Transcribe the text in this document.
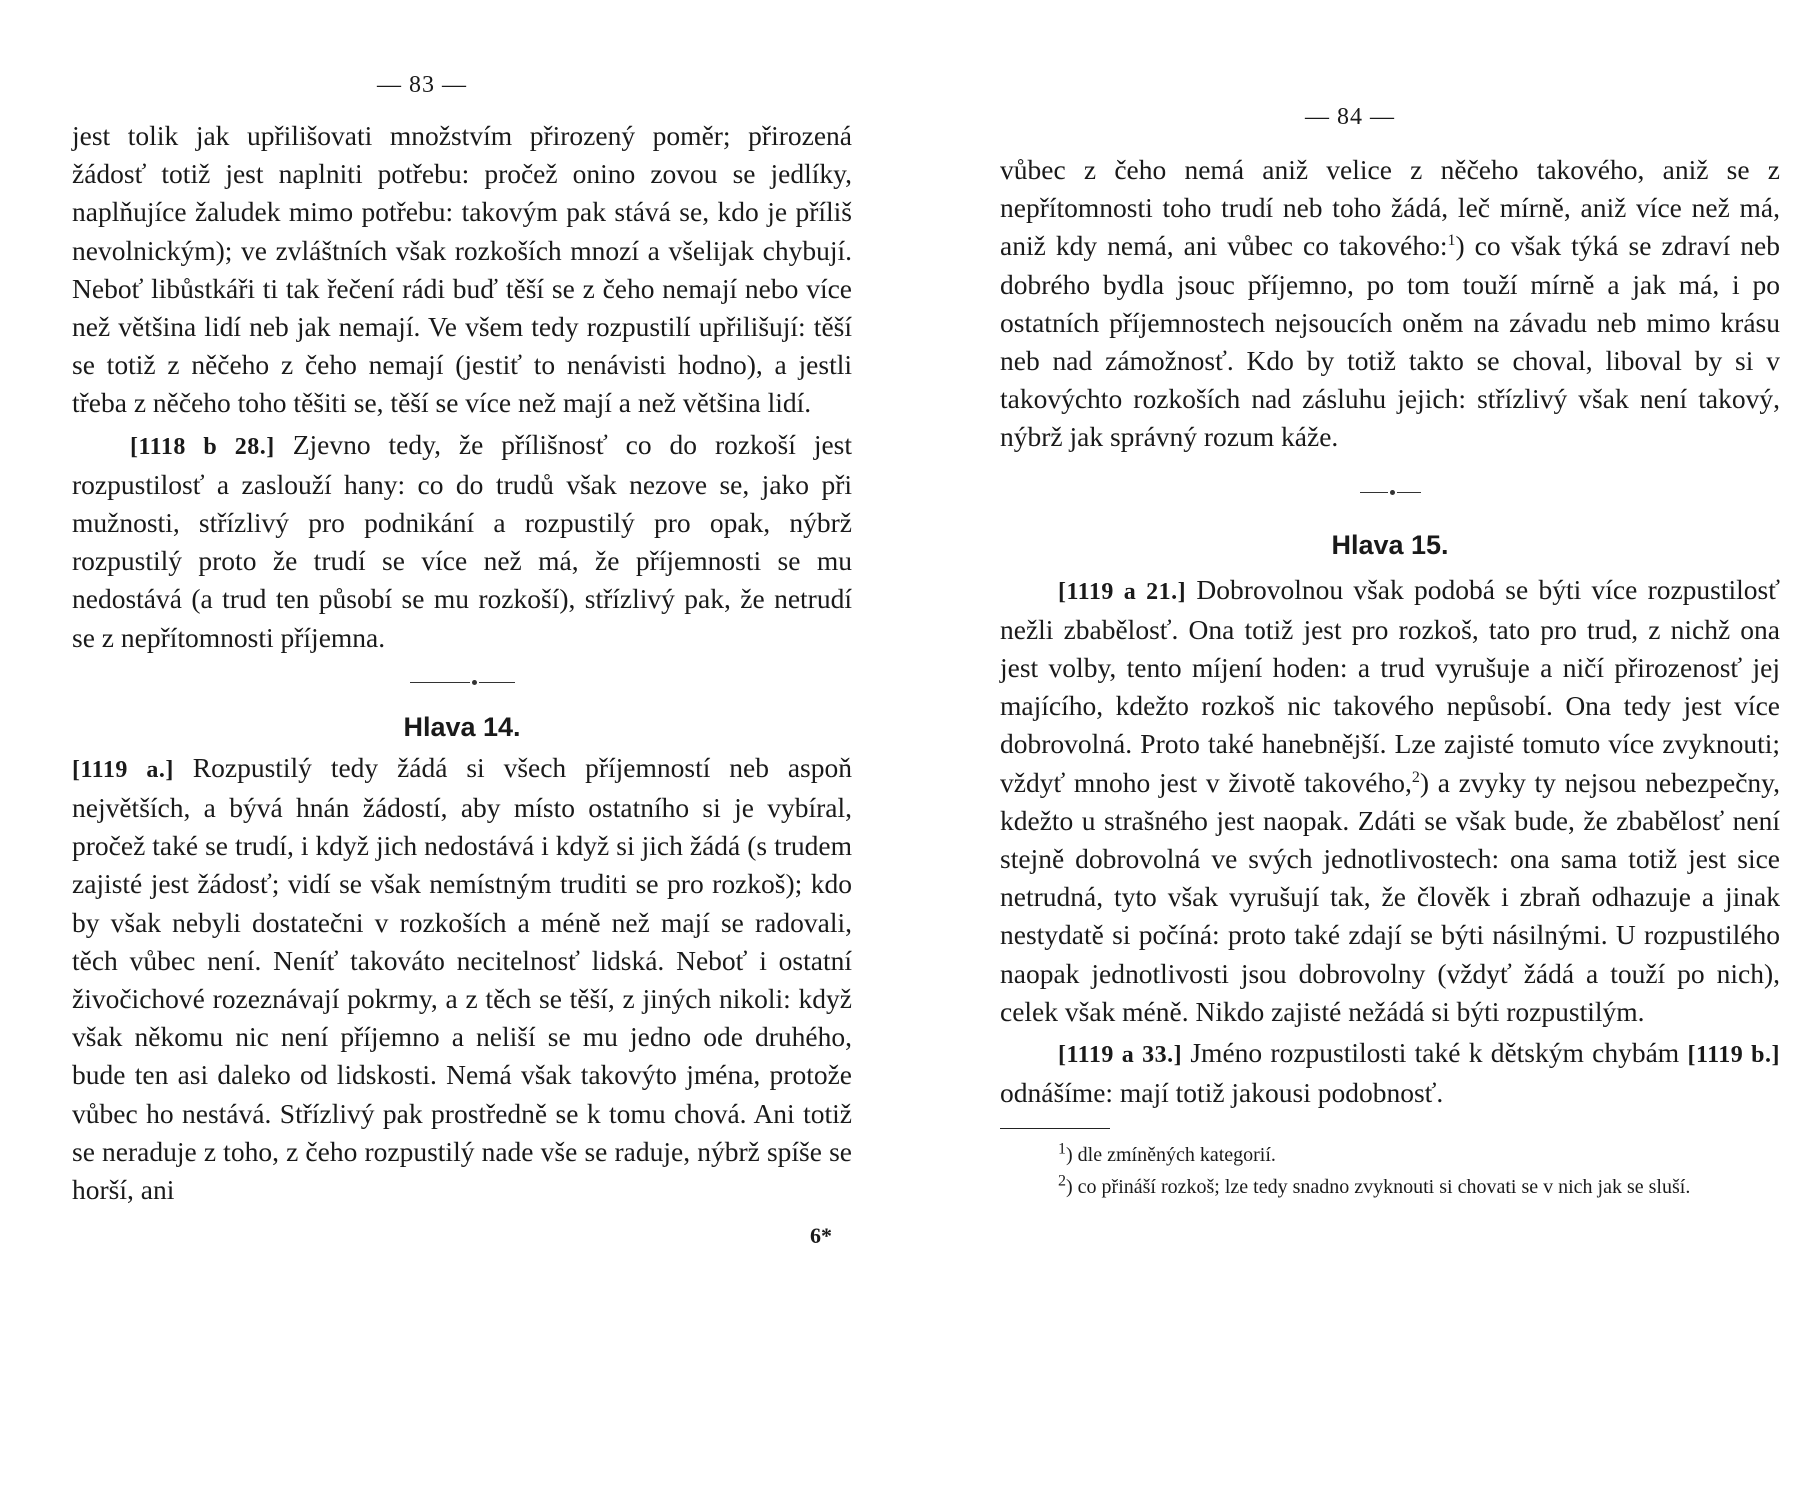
— 83 —

jest tolik jak upřilišovati množstvím přirozený poměr; přirozená žádosť totiž jest naplniti potřebu: pročež onino zovou se jedlíky, naplňujíce žaludek mimo potřebu: takovým pak stává se, kdo je příliš nevolnickým); ve zvláštních však rozkoších mnozí a všelijak chybují. Neboť libůstkáři ti tak řečení rádi buď těší se z čeho nemají nebo více než většina lidí neb jak nemají. Ve všem tedy rozpustilí upřilišují: těší se totiž z něčeho z čeho nemají (jestiť to nenávisti hodno), a jestli třeba z něčeho toho těšiti se, těší se více než mají a než většina lidí.

[1118 b 28.] Zjevno tedy, že přílišnosť co do rozkoší jest rozpustilosť a zaslouží hany: co do trudů však nezove se, jako při mužnosti, střízlivý pro podnikání a rozpustilý pro opak, nýbrž rozpustilý proto že trudí se více než má, že příjemnosti se mu nedostává (a trud ten působí se mu rozkoší), střízlivý pak, že netrudí se z nepřítomnosti příjemna.

Hlava 14.

[1119 a.] Rozpustilý tedy žádá si všech příjemností neb aspoň největších, a bývá hnán žádostí, aby místo ostatního si je vybíral, pročež také se trudí, i když jich nedostává i když si jich žádá (s trudem zajisté jest žádosť; vidí se však nemístným truditi se pro rozkoš); kdo by však nebyli dostatečni v rozkoších a méně než mají se radovali, těch vůbec není. Neníť takováto necitelnosť lidská. Neboť i ostatní živočichové rozeznávají pokrmy, a z těch se těší, z jiných nikoli: když však někomu nic není příjemno a neliší se mu jedno ode druhého, bude ten asi daleko od lidskosti. Nemá však takovýto jména, protože vůbec ho nestává. Střízlivý pak prostředně se k tomu chová. Ani totiž se neraduje z toho, z čeho rozpustilý nade vše se raduje, nýbrž spíše se horší, ani

6*
— 84 —

vůbec z čeho nemá aniž velice z něčeho takového, aniž se z nepřítomnosti toho trudí neb toho žádá, leč mírně, aniž více než má, aniž kdy nemá, ani vůbec co takového:$^1$) co však týká se zdraví neb dobrého bydla jsouc příjemno, po tom touží mírně a jak má, i po ostatních příjemnostech nejsoucích oněm na závadu neb mimo krásu neb nad zámožnosť. Kdo by totiž takto se choval, liboval by si v takovýchto rozkoších nad zásluhu jejich: střízlivý však není takový, nýbrž jak správný rozum káže.

Hlava 15.

[1119 a 21.] Dobrovolnou však podobá se býti více rozpustilosť nežli zbabělosť. Ona totiž jest pro rozkoš, tato pro trud, z nichž ona jest volby, tento míjení hoden: a trud vyrušuje a ničí přirozenosť jej majícího, kdežto rozkoš nic takového nepůsobí. Ona tedy jest více dobrovolná. Proto také hanebnější. Lze zajisté tomuto více zvyknouti; vždyť mnoho jest v životě takového,$^2$) a zvyky ty nejsou nebezpečny, kdežto u strašného jest naopak. Zdáti se však bude, že zbabělosť není stejně dobrovolná ve svých jednotlivostech: ona sama totiž jest sice netrudná, tyto však vyrušují tak, že člověk i zbraň odhazuje a jinak nestydatě si počíná: proto také zdají se býti násilnými. U rozpustilého naopak jednotlivosti jsou dobrovolny (vždyť žádá a touží po nich), celek však méně. Nikdo zajisté nežádá si býti rozpustilým.

[1119 a 33.] Jméno rozpustilosti také k dětským chybám [1119 b.] odnášíme: mají totiž jakousi podobnosť.

$^1$) dle zmíněných kategorií.

$^2$) co přináší rozkoš; lze tedy snadno zvyknouti si chovati se v nich jak se sluší.
